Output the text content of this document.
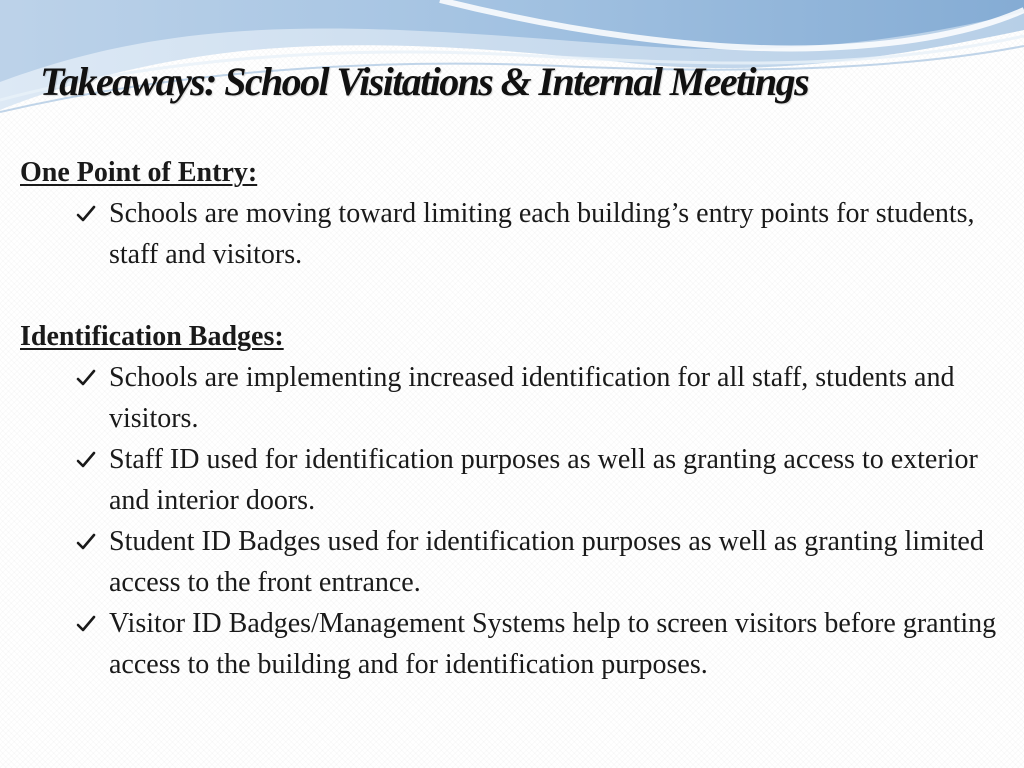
Takeaways: School Visitations & Internal Meetings
One Point of Entry:
Schools are moving toward limiting each building’s entry points for students, staff and visitors.
Identification Badges:
Schools are implementing increased identification for all staff, students and visitors.
Staff ID used for identification purposes as well as granting access to exterior and interior doors.
Student ID Badges used for identification purposes as well as granting limited access to the front entrance.
Visitor ID Badges/Management Systems help to screen visitors before granting access to the building and for identification purposes.
